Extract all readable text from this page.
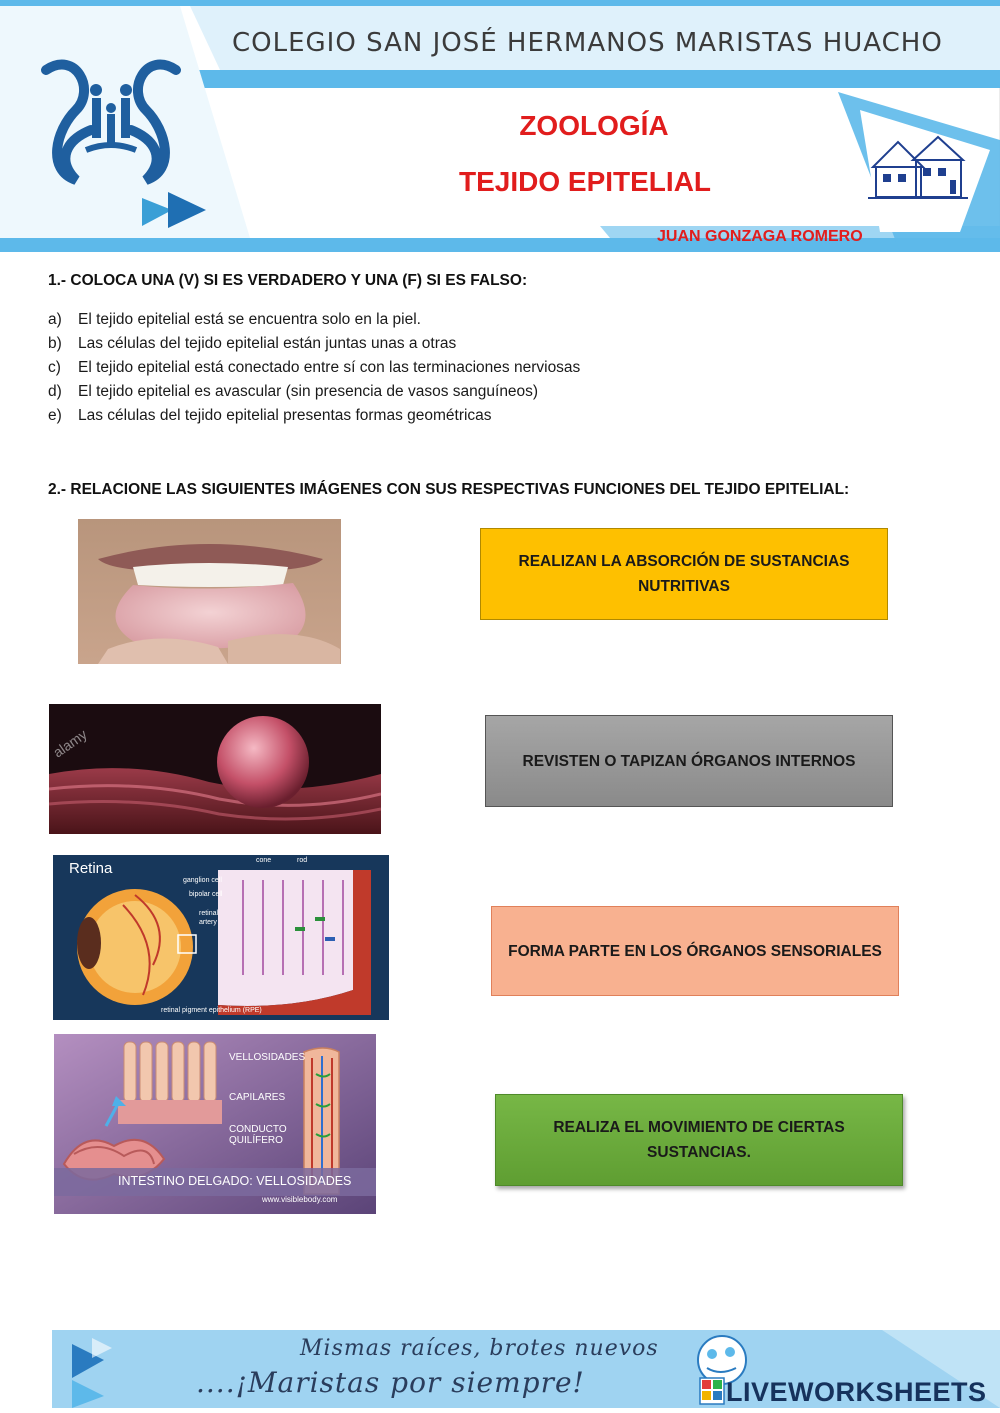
COLEGIO SAN JOSÉ HERMANOS MARISTAS HUACHO
ZOOLOGÍA
TEJIDO EPITELIAL
JUAN GONZAGA ROMERO
1.- COLOCA UNA (V) SI ES VERDADERO Y UNA (F) SI ES FALSO:
a)	El tejido epitelial está se encuentra solo en la piel.
b)	Las células del tejido epitelial están juntas unas a otras
c)	El tejido epitelial está conectado entre sí con las terminaciones nerviosas
d)	El tejido epitelial es avascular (sin presencia de vasos sanguíneos)
e)	Las células del tejido epitelial presentas formas geométricas
2.- RELACIONE LAS SIGUIENTES IMÁGENES CON SUS RESPECTIVAS FUNCIONES DEL TEJIDO EPITELIAL:
alamy
Retina	cone	rod
ganglion cell
bipolar cell
retinal artery
retinal pigment epithelium (RPE)
VELLOSIDADES
CAPILARES
CONDUCTO QUILÍFERO
INTESTINO DELGADO: VELLOSIDADES
www.visiblebody.com
REALIZAN LA ABSORCIÓN DE SUSTANCIAS NUTRITIVAS
REVISTEN O TAPIZAN ÓRGANOS INTERNOS
FORMA PARTE EN LOS ÓRGANOS SENSORIALES
REALIZA EL MOVIMIENTO DE CIERTAS SUSTANCIAS.
Mismas raíces, brotes nuevos
....¡Maristas por siempre!	LIVEWORKSHEETS
